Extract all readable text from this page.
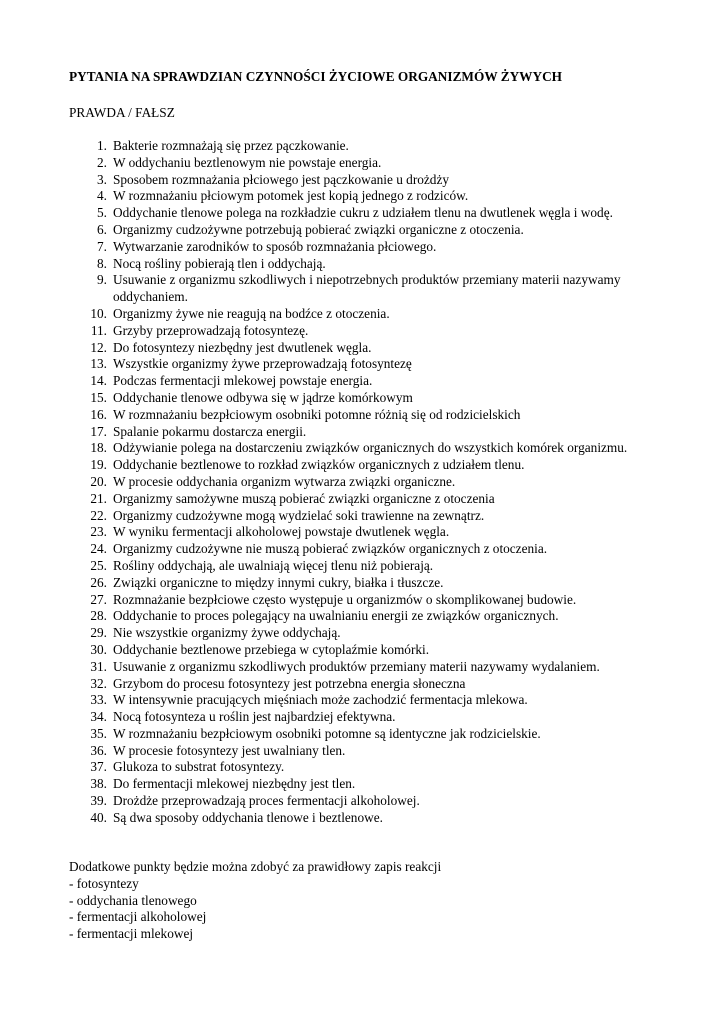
PYTANIA NA SPRAWDZIAN CZYNNOŚCI ŻYCIOWE ORGANIZMÓW ŻYWYCH
PRAWDA / FAŁSZ
1. Bakterie rozmnażają się przez pączkowanie.
2. W oddychaniu beztlenowym nie powstaje energia.
3. Sposobem rozmnażania płciowego jest pączkowanie u drożdży
4. W rozmnażaniu płciowym potomek jest kopią jednego z rodziców.
5. Oddychanie tlenowe polega na rozkładzie cukru z udziałem tlenu na dwutlenek węgla i wodę.
6. Organizmy cudzożywne potrzebują pobierać związki organiczne z otoczenia.
7. Wytwarzanie zarodników to sposób rozmnażania płciowego.
8. Nocą rośliny pobierają tlen i oddychają.
9. Usuwanie z organizmu szkodliwych i niepotrzebnych produktów przemiany materii nazywamy oddychaniem.
10. Organizmy żywe nie reagują na bodźce z otoczenia.
11. Grzyby przeprowadzają fotosyntezę.
12. Do fotosyntezy niezbędny jest dwutlenek węgla.
13. Wszystkie organizmy żywe przeprowadzają fotosyntezę
14. Podczas fermentacji mlekowej powstaje energia.
15. Oddychanie tlenowe odbywa się w jądrze komórkowym
16. W rozmnażaniu bezpłciowym osobniki potomne różnią się od rodzicielskich
17. Spalanie pokarmu dostarcza energii.
18. Odżywianie polega na dostarczeniu związków organicznych do wszystkich komórek organizmu.
19. Oddychanie beztlenowe to rozkład związków organicznych z udziałem tlenu.
20. W procesie oddychania organizm wytwarza związki organiczne.
21. Organizmy samożywne muszą pobierać związki organiczne z otoczenia
22. Organizmy cudzożywne mogą wydzielać soki trawienne na zewnątrz.
23. W wyniku fermentacji alkoholowej powstaje dwutlenek węgla.
24. Organizmy cudzożywne nie muszą pobierać związków organicznych z otoczenia.
25. Rośliny oddychają, ale uwalniają więcej tlenu niż pobierają.
26. Związki organiczne to między innymi cukry, białka i tłuszcze.
27. Rozmnażanie bezpłciowe często występuje u organizmów o skomplikowanej budowie.
28. Oddychanie to proces polegający na uwalnianiu energii ze związków organicznych.
29. Nie wszystkie organizmy żywe oddychają.
30. Oddychanie beztlenowe przebiega w cytoplaźmie komórki.
31. Usuwanie z organizmu szkodliwych produktów przemiany materii nazywamy wydalaniem.
32. Grzybom do procesu fotosyntezy jest potrzebna energia słoneczna
33. W intensywnie pracujących mięśniach może zachodzić fermentacja mlekowa.
34. Nocą fotosynteza u roślin jest najbardziej efektywna.
35. W rozmnażaniu bezpłciowym osobniki potomne są identyczne jak rodzicielskie.
36. W procesie fotosyntezy jest uwalniany tlen.
37. Glukoza to substrat fotosyntezy.
38. Do fermentacji mlekowej niezbędny jest tlen.
39. Drożdże przeprowadzają proces fermentacji alkoholowej.
40. Są dwa sposoby oddychania tlenowe i beztlenowe.
Dodatkowe punkty będzie można zdobyć za prawidłowy zapis reakcji
- fotosyntezy
- oddychania tlenowego
- fermentacji alkoholowej
- fermentacji mlekowej
